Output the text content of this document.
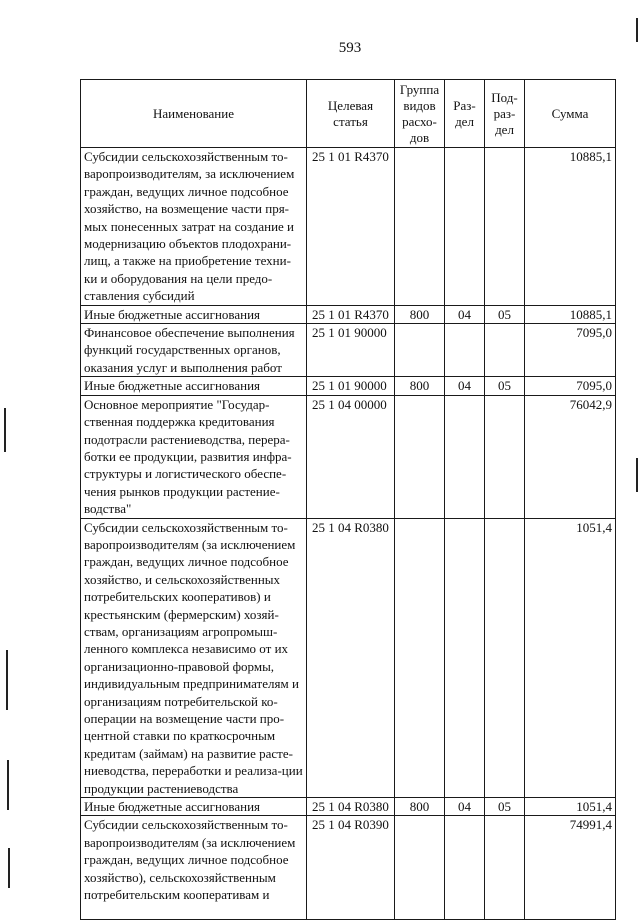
593
Наименование	Целевая статья	Группа видов расхо-дов	Раз-дел	Под-раз-дел	Сумма
Субсидии сельскохозяйственным то-варопроизводителям, за исключением граждан, ведущих личное подсобное хозяйство, на возмещение части пря-мых понесенных затрат на создание и модернизацию объектов плодохрани-лищ, а также на приобретение техни-ки и оборудования на цели предо-ставления субсидий	25 1 01 R4370				10885,1
Иные бюджетные ассигнования	25 1 01 R4370	800	04	05	10885,1
Финансовое обеспечение выполнения функций государственных органов, оказания услуг и выполнения работ	25 1 01 90000				7095,0
Иные бюджетные ассигнования	25 1 01 90000	800	04	05	7095,0
Основное мероприятие "Государ-ственная поддержка кредитования подотрасли растениеводства, перера-ботки ее продукции, развития инфра-структуры и логистического обеспе-чения рынков продукции растение-водства"	25 1 04 00000				76042,9
Субсидии сельскохозяйственным то-варопроизводителям (за исключением граждан, ведущих личное подсобное хозяйство, и сельскохозяйственных потребительских кооперативов) и крестьянским (фермерским) хозяй-ствам, организациям агропромыш-ленного комплекса независимо от их организационно-правовой формы, индивидуальным предпринимателям и организациям потребительской ко-операции на возмещение части про-центной ставки по краткосрочным кредитам (займам) на развитие расте-ниеводства, переработки и реализа-ции продукции растениеводства	25 1 04 R0380				1051,4
Иные бюджетные ассигнования	25 1 04 R0380	800	04	05	1051,4
Субсидии сельскохозяйственным то-варопроизводителям (за исключением граждан, ведущих личное подсобное хозяйство), сельскохозяйственным потребительским кооперативам и	25 1 04 R0390				74991,4
